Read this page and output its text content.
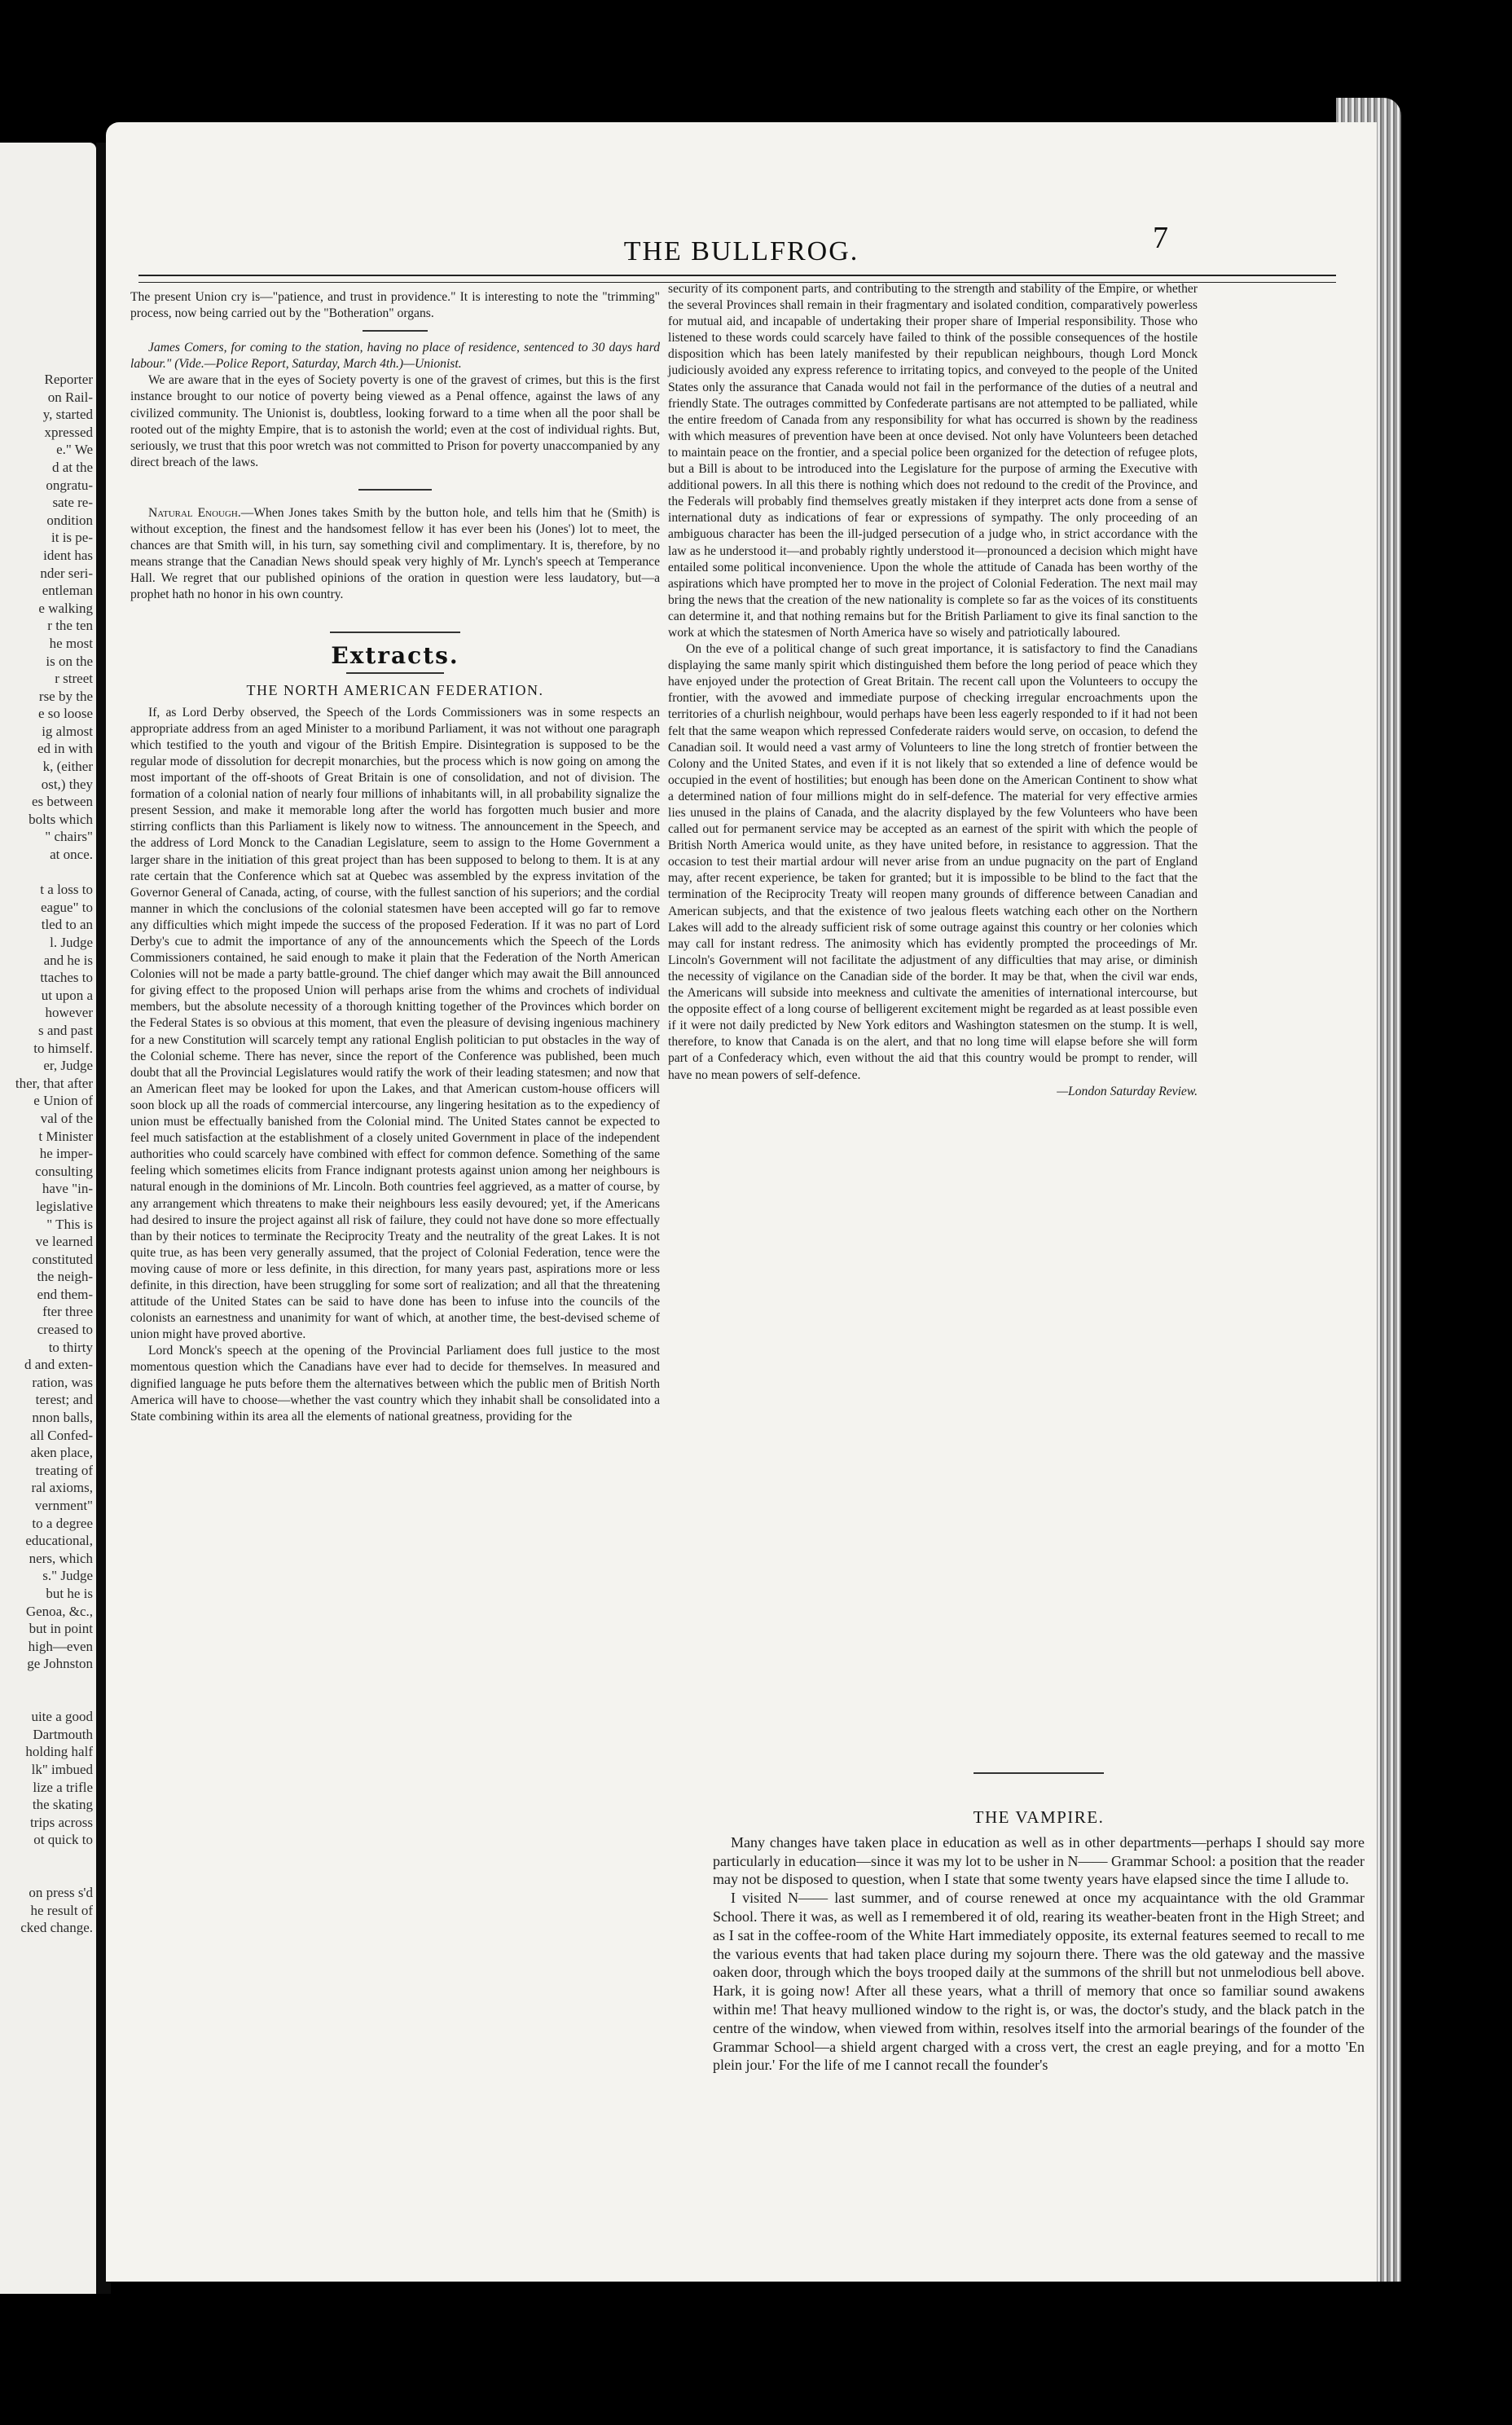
Reporter
on Rail-
y, started
xpressed
e." We
d at the
ongratu-
sate re-
ondition
it is pe-
ident has
nder seri-
entleman
e walking
r the ten
he most
is on the
r street
rse by the
e so loose
ig almost
ed in with
k, (either
ost,) they
es between
bolts which
" chairs"
at once.

t a loss to
eague" to
tled to an
l. Judge
and he is
ttaches to
ut upon a
however
s and past
to himself.
er, Judge
ther, that after
e Union of
val of the
t Minister
he imper-
consulting
have "in-
legislative
" This is
ve learned
constituted
the neigh-
end them-
fter three
creased to
to thirty
d and exten-
ration, was
terest; and
nnon balls,
all Confed-
aken place,
treating of
ral axioms,
vernment"
to a degree
educational,
ners, which
s." Judge
but he is
Genoa, &c.,
but in point
high—even
ge Johnston

uite a good
Dartmouth
holding half
lk" imbued
lize a trifle
the skating
trips across
ot quick to

on press s'd
he result of
cked change.
7
THE BULLFROG.

The present Union cry is—"patience, and trust in providence." It is interesting to note the "trimming" process, now being carried out by the "Botheration" organs.

James Comers, for coming to the station, having no place of residence, sentenced to 30 days hard labour." (Vide.—Police Report, Saturday, March 4th.)—Unionist.

We are aware that in the eyes of Society poverty is one of the gravest of crimes, but this is the first instance brought to our notice of poverty being viewed as a Penal offence, against the laws of any civilized community. The Unionist is, doubtless, looking forward to a time when all the poor shall be rooted out of the mighty Empire, that is to astonish the world; even at the cost of individual rights. But, seriously, we trust that this poor wretch was not committed to Prison for poverty unaccompanied by any direct breach of the laws.

Natural Enough.—When Jones takes Smith by the button hole, and tells him that he (Smith) is without exception, the finest and the handsomest fellow it has ever been his (Jones') lot to meet, the chances are that Smith will, in his turn, say something civil and complimentary. It is, therefore, by no means strange that the Canadian News should speak very highly of Mr. Lynch's speech at Temperance Hall. We regret that our published opinions of the oration in question were less laudatory, but—a prophet hath no honor in his own country.

Extracts.
THE NORTH AMERICAN FEDERATION.

If, as Lord Derby observed, the Speech of the Lords Commissioners was in some respects an appropriate address from an aged Minister to a moribund Parliament, it was not without one paragraph which testified to the youth and vigour of the British Empire. Disintegration is supposed to be the regular mode of dissolution for decrepit monarchies, but the process which is now going on among the most important of the off-shoots of Great Britain is one of consolidation, and not of division. The formation of a colonial nation of nearly four millions of inhabitants will, in all probability signalize the present Session, and make it memorable long after the world has forgotten much busier and more stirring conflicts than this Parliament is likely now to witness. The announcement in the Speech, and the address of Lord Monck to the Canadian Legislature, seem to assign to the Home Government a larger share in the initiation of this great project than has been supposed to belong to them. It is at any rate certain that the Conference which sat at Quebec was assembled by the express invitation of the Governor General of Canada, acting, of course, with the fullest sanction of his superiors; and the cordial manner in which the conclusions of the colonial statesmen have been accepted will go far to remove any difficulties which might impede the success of the proposed Federation. If it was no part of Lord Derby's cue to admit the importance of any of the announcements which the Speech of the Lords Commissioners contained, he said enough to make it plain that the Federation of the North American Colonies will not be made a party battle-ground. The chief danger which may await the Bill announced for giving effect to the proposed Union will perhaps arise from the whims and crochets of individual members, but the absolute necessity of a thorough knitting together of the Provinces which border on the Federal States is so obvious at this moment, that even the pleasure of devising ingenious machinery for a new Constitution will scarcely tempt any rational English politician to put obstacles in the way of the Colonial scheme. There has never, since the report of the Conference was published, been much doubt that all the Provincial Legislatures would ratify the work of their leading statesmen; and now that an American fleet may be looked for upon the Lakes, and that American custom-house officers will soon block up all the roads of commercial intercourse, any lingering hesitation as to the expediency of union must be effectually banished from the Colonial mind. The United States cannot be expected to feel much satisfaction at the establishment of a closely united Government in place of the independent authorities who could scarcely have combined with effect for common defence. Something of the same feeling which sometimes elicits from France indignant protests against union among her neighbours is natural enough in the dominions of Mr. Lincoln. Both countries feel aggrieved, as a matter of course, by any arrangement which threatens to make their neighbours less easily devoured; yet, if the Americans had desired to insure the project against all risk of failure, they could not have done so more effectually than by their notices to terminate the Reciprocity Treaty and the neutrality of the great Lakes. It is not quite true, as has been very generally assumed, that the project of Colonial Federation, tence were the moving cause of more or less definite, in this direction, for many years past, aspirations more or less definite, in this direction, have been struggling for some sort of realization; and all that the threatening attitude of the United States can be said to have done has been to infuse into the councils of the colonists an earnestness and unanimity for want of which, at another time, the best-devised scheme of union might have proved abortive.

Lord Monck's speech at the opening of the Provincial Parliament does full justice to the most momentous question which the Canadians have ever had to decide for themselves. In measured and dignified language he puts before them the alternatives between which the public men of British North America will have to choose—whether the vast country which they inhabit shall be consolidated into a State combining within its area all the elements of national greatness, providing for the

security of its component parts, and contributing to the strength and stability of the Empire, or whether the several Provinces shall remain in their fragmentary and isolated condition, comparatively powerless for mutual aid, and incapable of undertaking their proper share of Imperial responsibility. Those who listened to these words could scarcely have failed to think of the possible consequences of the hostile disposition which has been lately manifested by their republican neighbours, though Lord Monck judiciously avoided any express reference to irritating topics, and conveyed to the people of the United States only the assurance that Canada would not fail in the performance of the duties of a neutral and friendly State. The outrages committed by Confederate partisans are not attempted to be palliated, while the entire freedom of Canada from any responsibility for what has occurred is shown by the readiness with which measures of prevention have been at once devised. Not only have Volunteers been detached to maintain peace on the frontier, and a special police been organized for the detection of refugee plots, but a Bill is about to be introduced into the Legislature for the purpose of arming the Executive with additional powers. In all this there is nothing which does not redound to the credit of the Province, and the Federals will probably find themselves greatly mistaken if they interpret acts done from a sense of international duty as indications of fear or expressions of sympathy. The only proceeding of an ambiguous character has been the ill-judged persecution of a judge who, in strict accordance with the law as he understood it—and probably rightly understood it—pronounced a decision which might have entailed some political inconvenience. Upon the whole the attitude of Canada has been worthy of the aspirations which have prompted her to move in the project of Colonial Federation. The next mail may bring the news that the creation of the new nationality is complete so far as the voices of its constituents can determine it, and that nothing remains but for the British Parliament to give its final sanction to the work at which the statesmen of North America have so wisely and patriotically laboured.

On the eve of a political change of such great importance, it is satisfactory to find the Canadians displaying the same manly spirit which distinguished them before the long period of peace which they have enjoyed under the protection of Great Britain. The recent call upon the Volunteers to occupy the frontier, with the avowed and immediate purpose of checking irregular encroachments upon the territories of a churlish neighbour, would perhaps have been less eagerly responded to if it had not been felt that the same weapon which repressed Confederate raiders would serve, on occasion, to defend the Canadian soil. It would need a vast army of Volunteers to line the long stretch of frontier between the Colony and the United States, and even if it is not likely that so extended a line of defence would be occupied in the event of hostilities; but enough has been done on the American Continent to show what a determined nation of four millions might do in self-defence. The material for very effective armies lies unused in the plains of Canada, and the alacrity displayed by the few Volunteers who have been called out for permanent service may be accepted as an earnest of the spirit with which the people of British North America would unite, as they have united before, in resistance to aggression. That the occasion to test their martial ardour will never arise from an undue pugnacity on the part of England may, after recent experience, be taken for granted; but it is impossible to be blind to the fact that the termination of the Reciprocity Treaty will reopen many grounds of difference between Canadian and American subjects, and that the existence of two jealous fleets watching each other on the Northern Lakes will add to the already sufficient risk of some outrage against this country or her colonies which may call for instant redress. The animosity which has evidently prompted the proceedings of Mr. Lincoln's Government will not facilitate the adjustment of any difficulties that may arise, or diminish the necessity of vigilance on the Canadian side of the border. It may be that, when the civil war ends, the Americans will subside into meekness and cultivate the amenities of international intercourse, but the opposite effect of a long course of belligerent excitement might be regarded as at least possible even if it were not daily predicted by New York editors and Washington statesmen on the stump. It is well, therefore, to know that Canada is on the alert, and that no long time will elapse before she will form part of a Confederacy which, even without the aid that this country would be prompt to render, will have no mean powers of self-defence.

—London Saturday Review.

THE VAMPIRE.

Many changes have taken place in education as well as in other departments—perhaps I should say more particularly in education—since it was my lot to be usher in N—— Grammar School: a position that the reader may not be disposed to question, when I state that some twenty years have elapsed since the time I allude to.

I visited N—— last summer, and of course renewed at once my acquaintance with the old Grammar School. There it was, as well as I remembered it of old, rearing its weather-beaten front in the High Street; and as I sat in the coffee-room of the White Hart immediately opposite, its external features seemed to recall to me the various events that had taken place during my sojourn there. There was the old gateway and the massive oaken door, through which the boys trooped daily at the summons of the shrill but not unmelodious bell above. Hark, it is going now! After all these years, what a thrill of memory that once so familiar sound awakens within me! That heavy mullioned window to the right is, or was, the doctor's study, and the black patch in the centre of the window, when viewed from within, resolves itself into the armorial bearings of the founder of the Grammar School—a shield argent charged with a cross vert, the crest an eagle preying, and for a motto 'En plein jour.' For the life of me I cannot recall the founder's
